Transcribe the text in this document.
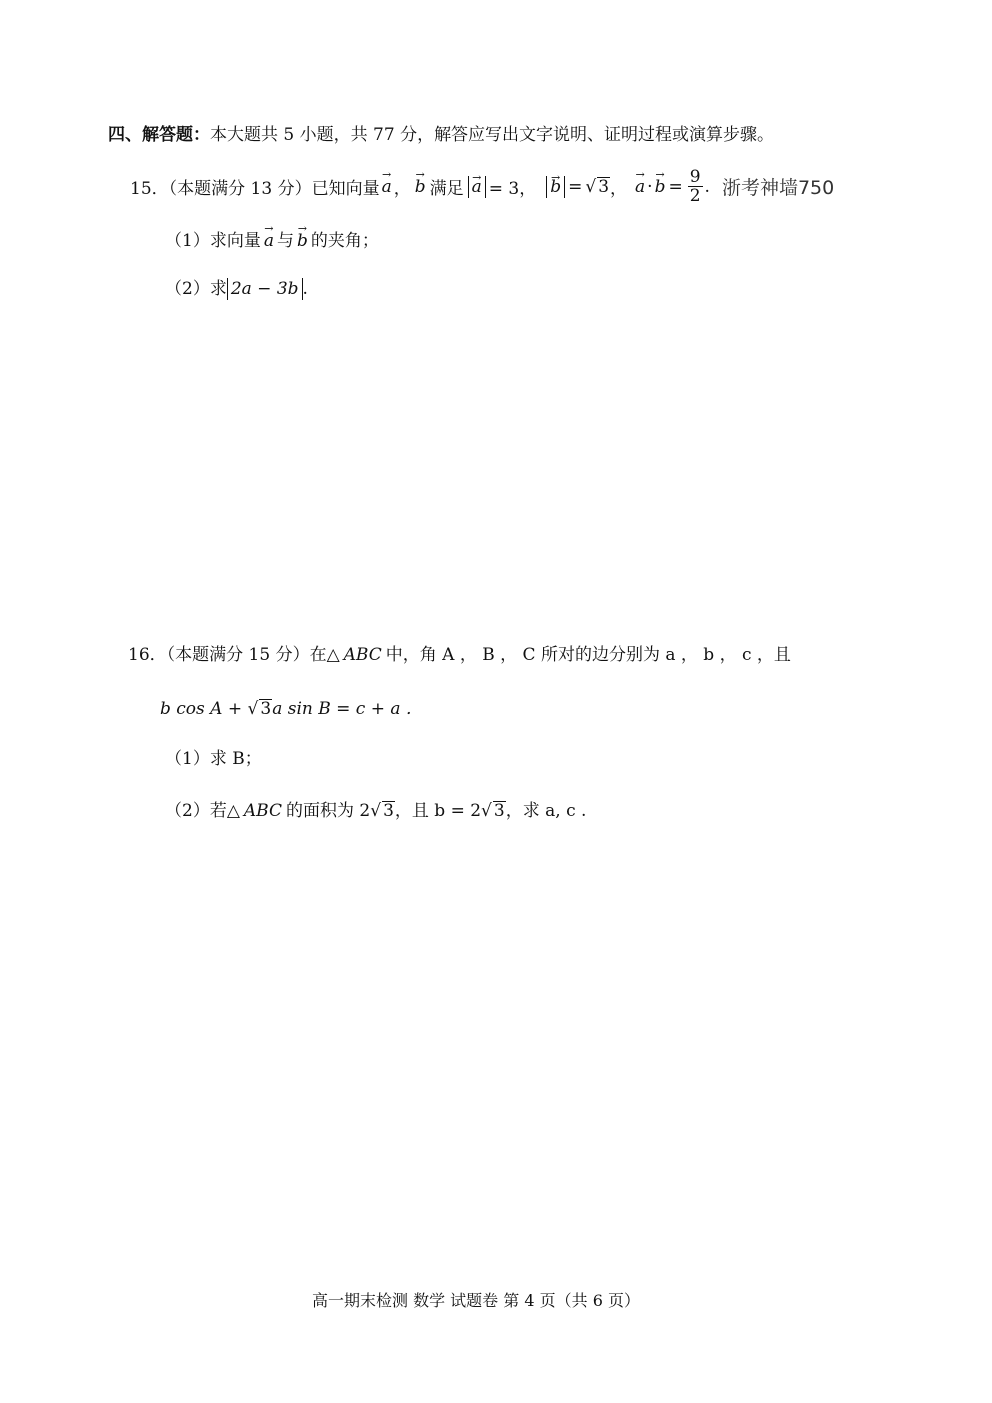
四、解答题：本大题共 5 小题，共 77 分，解答应写出文字说明、证明过程或演算步骤。
15．（本题满分 13 分）已知向量 → a ， → b 满足 → a = 3， → b = √ 3 ， → a · → $b = \frac{9}{2}$ . 浙考神墙750
（1）求向量 → a 与 → b 的夹角；
（2）求 2a − 3b .
16．（本题满分 15 分）在△ ABC 中，角 A ， B ， C 所对的边分别为 a ， b ， c ，且
b cos A + √ 3a sin B = c + a ．
（1）求 B；
（2）若△ ABC 的面积为 2√ 3，且 b = 2√ 3，求 a, c .
高一期末检测 数学 试题卷 第 4 页（共 6 页）
